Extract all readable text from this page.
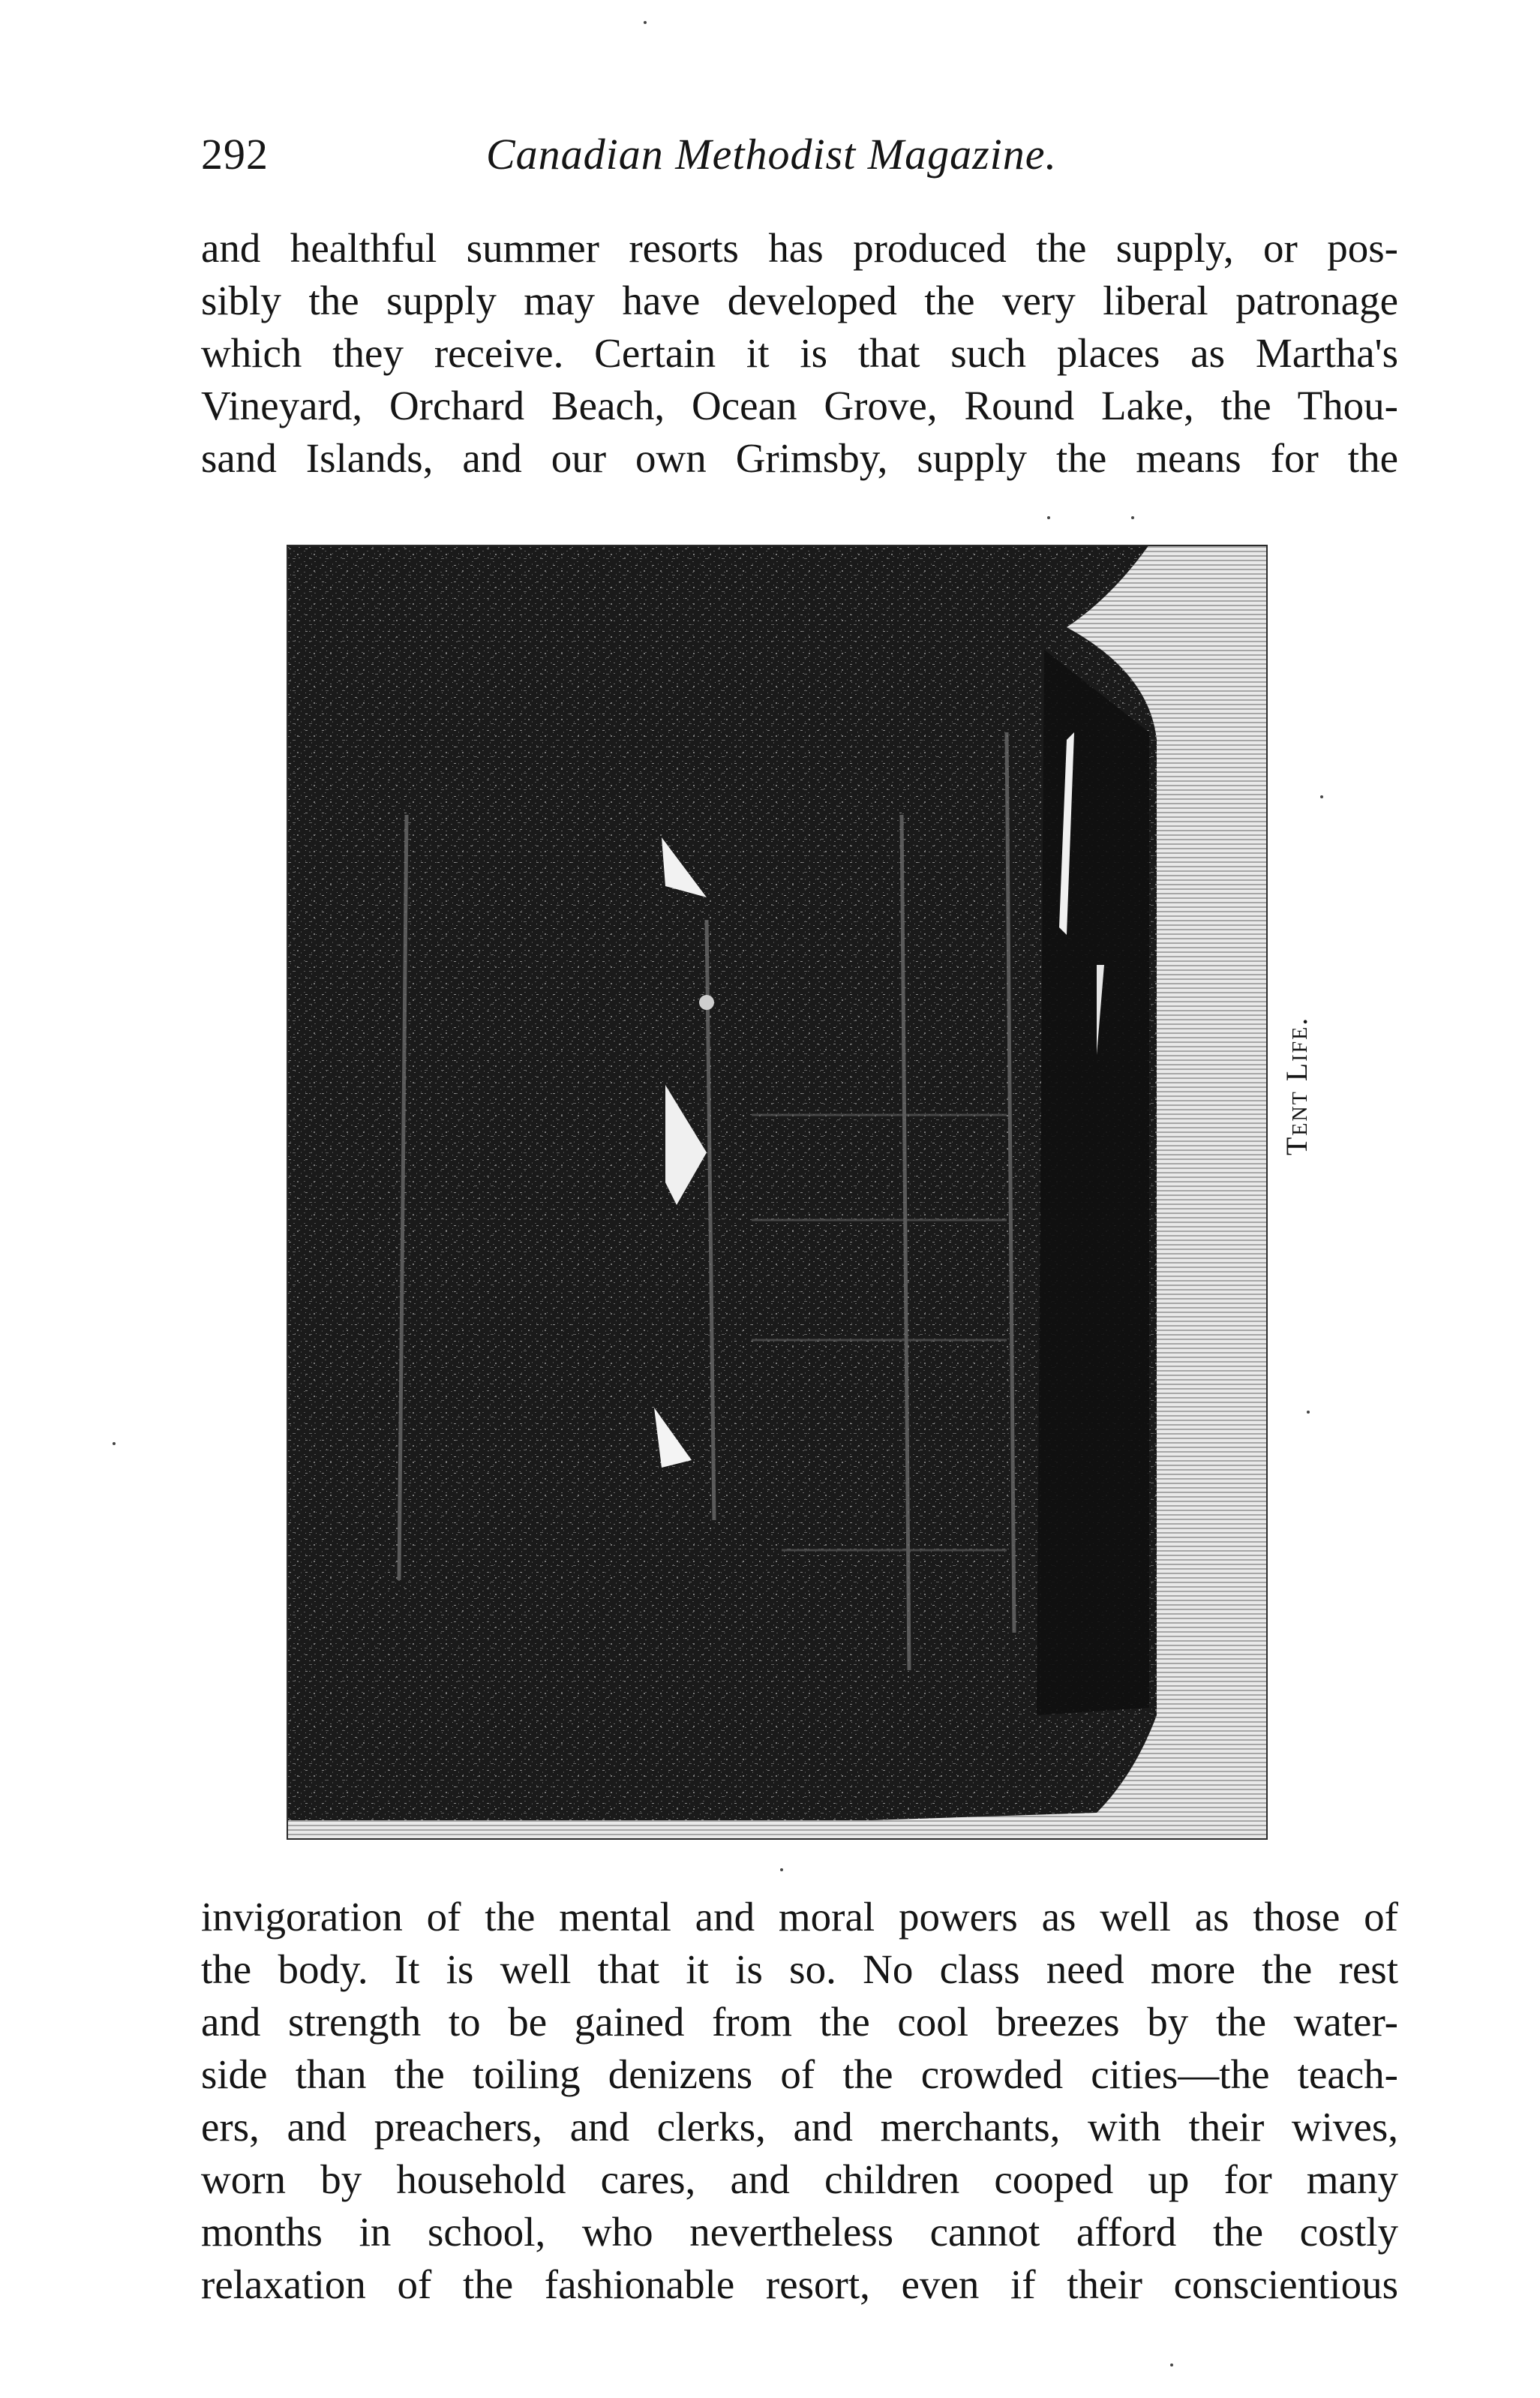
292	Canadian Methodist Magazine.

and healthful summer resorts has produced the supply, or pos-
sibly the supply may have developed the very liberal patronage
which they receive. Certain it is that such places as Martha's
Vineyard, Orchard Beach, Ocean Grove, Round Lake, the Thou-
sand Islands, and our own Grimsby, supply the means for the

Tent Life.

invigoration of the mental and moral powers as well as those of
the body. It is well that it is so. No class need more the rest
and strength to be gained from the cool breezes by the water-
side than the toiling denizens of the crowded cities—the teach-
ers, and preachers, and clerks, and merchants, with their wives,
worn by household cares, and children cooped up for many
months in school, who nevertheless cannot afford the costly
relaxation of the fashionable resort, even if their conscientious
